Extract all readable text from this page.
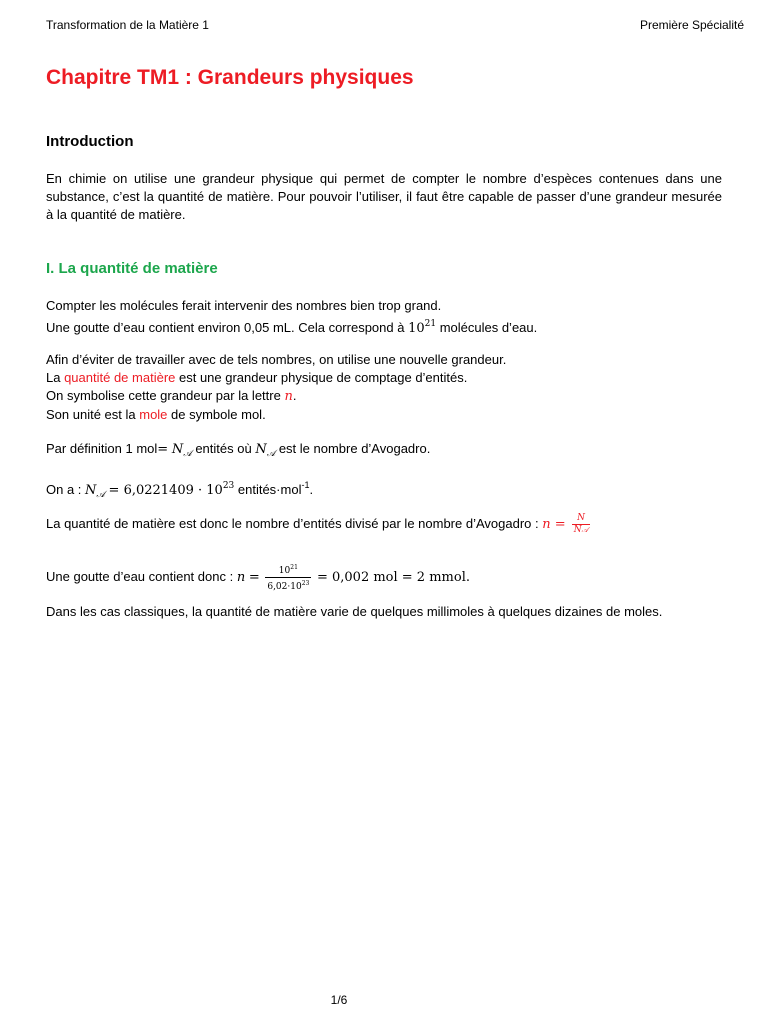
Transformation de la Matière 1	Première Spécialité
Chapitre TM1 : Grandeurs physiques
Introduction

En chimie on utilise une grandeur physique qui permet de compter le nombre d’espèces contenues dans une substance, c’est la quantité de matière. Pour pouvoir l’utiliser, il faut être capable de passer d’une grandeur mesurée à la quantité de matière.

I. La quantité de matière

Compter les molécules ferait intervenir des nombres bien trop grand.
Une goutte d’eau contient environ 0,05 mL. Cela correspond à $10^{21}$ molécules d’eau.

Afin d’éviter de travailler avec de tels nombres, on utilise une nouvelle grandeur.
La quantité de matière est une grandeur physique de comptage d’entités.
On symbolise cette grandeur par la lettre n.
Son unité est la mole de symbole mol.

Par définition 1 $mol= N_𝒜$ entités où $N_𝒜$ est le nombre d’Avogadro.

On a : $N_𝒜 = 6,0221409 \cdot 10^{23}$ entités·mol$^{-1}$.

La quantité de matière est donc le nombre d’entités divisé par le nombre d’Avogadro : $n = \frac{N}{\text{N𝒜}}$

Une goutte d’eau contient donc : $n = \frac{10^{21}}{6,02\cdot 10^{23}} = 0,002$ mol = 2 mmol.

Dans les cas classiques, la quantité de matière varie de quelques millimoles à quelques dizaines de moles.

1/6
